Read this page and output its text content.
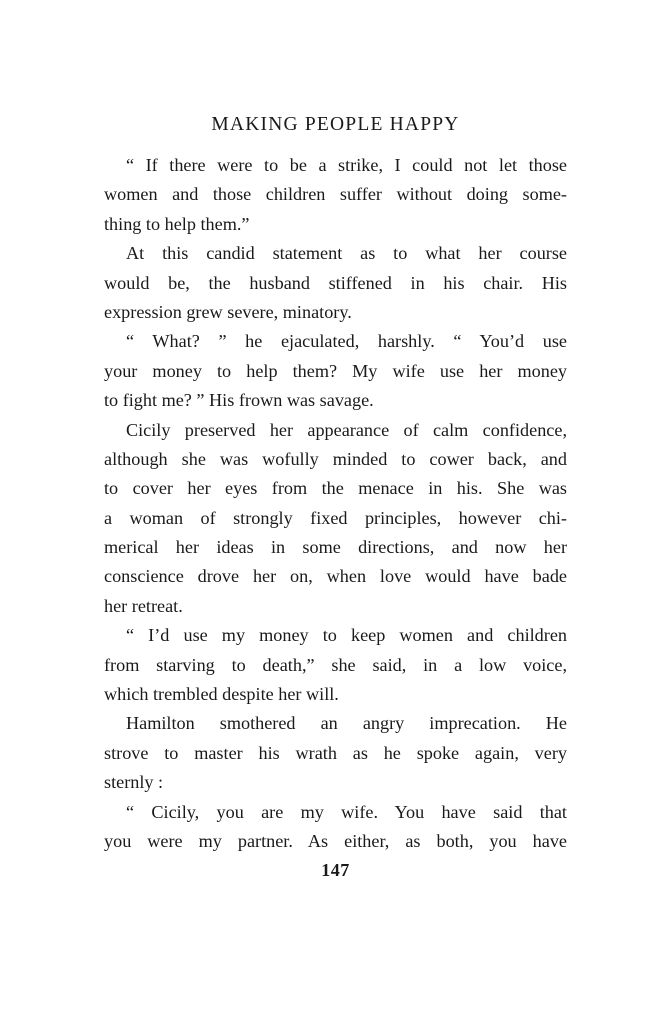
MAKING PEOPLE HAPPY

“ If there were to be a strike, I could not let those
women and those children suffer without doing some-
thing to help them.”

At this candid statement as to what her course
would be, the husband stiffened in his chair. His
expression grew severe, minatory.

“ What? ” he ejaculated, harshly. “ You’d use
your money to help them? My wife use her money
to fight me? ” His frown was savage.

Cicily preserved her appearance of calm confidence,
although she was wofully minded to cower back, and
to cover her eyes from the menace in his. She was
a woman of strongly fixed principles, however chi-
merical her ideas in some directions, and now her
conscience drove her on, when love would have bade
her retreat.

“ I’d use my money to keep women and children
from starving to death,” she said, in a low voice,
which trembled despite her will.

Hamilton smothered an angry imprecation. He
strove to master his wrath as he spoke again, very
sternly :

“ Cicily, you are my wife. You have said that
you were my partner. As either, as both, you have

147
